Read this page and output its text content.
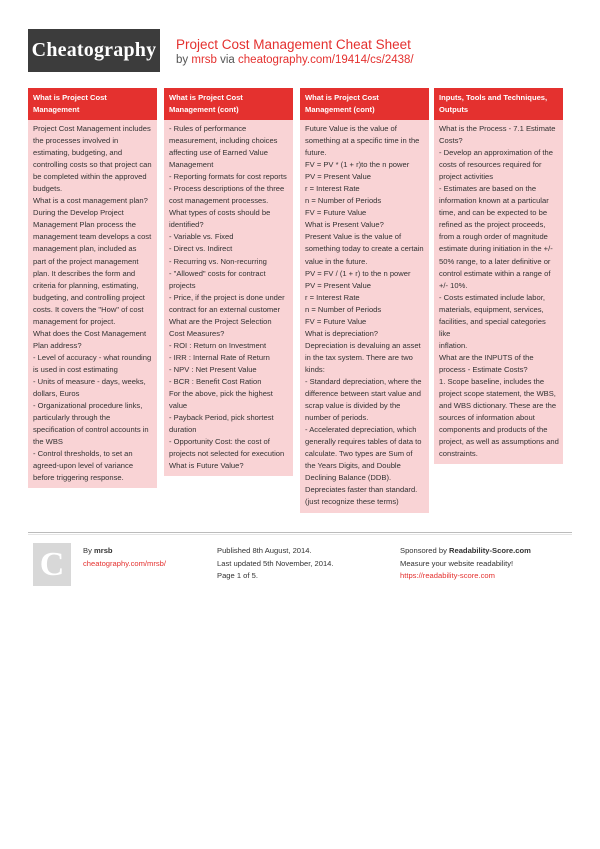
Cheatography Project Cost Management Cheat Sheet
by mrsb via cheatography.com/19414/cs/2438/
What is Project Cost Management
Project Cost Management includes
the processes involved in
estimating, budgeting, and
controlling costs so that project can
be completed within the approved
budgets.
What is a cost management plan?
During the Develop Project
Management Plan process the
management team develops a cost
management plan, included as
part of the project management
plan. It describes the form and
criteria for planning, estimating,
budgeting, and controlling project
costs. It covers the "How" of cost
management for project.
What does the Cost Management
Plan address?
- Level of accuracy - what rounding
is used in cost estimating
- Units of measure - days, weeks,
dollars, Euros
- Organizational procedure links,
particularly through the
specification of control accounts in
the WBS
- Control thresholds, to set an
agreed-upon level of variance
before triggering response.
What is Project Cost Management (cont)
- Rules of performance
measurement, including choices
affecting use of Earned Value
Management
- Reporting formats for cost reports
- Process descriptions of the three
cost management processes.
What types of costs should be
identified?
- Variable vs. Fixed
- Direct vs. Indirect
- Recurring vs. Non-recurring
- "Allowed" costs for contract
projects
- Price, if the project is done under
contract for an external customer
What are the Project Selection
Cost Measures?
- ROI : Return on Investment
- IRR : Internal Rate of Return
- NPV : Net Present Value
- BCR : Benefit Cost Ration
For the above, pick the highest
value
- Payback Period, pick shortest
duration
- Opportunity Cost: the cost of
projects not selected for execution
What is Future Value?
What is Project Cost Management (cont)
Future Value is the value of
something at a specific time in the
future.
FV = PV * (1 + r)to the n power
PV = Present Value
r = Interest Rate
n = Number of Periods
FV = Future Value
What is Present Value?
Present Value is the value of
something today to create a certain
value in the future.
PV = FV / (1 + r) to the n power
PV = Present Value
r = Interest Rate
n = Number of Periods
FV = Future Value
What is depreciation?
Depreciation is devaluing an asset
in the tax system. There are two
kinds:
- Standard depreciation, where the
difference between start value and
scrap value is divided by the
number of periods.
- Accelerated depreciation, which
generally requires tables of data to
calculate. Two types are Sum of
the Years Digits, and Double
Declining Balance (DDB).
Depreciates faster than standard.
(just recognize these terms)
Inputs, Tools and Techniques, Outputs
What is the Process - 7.1 Estimate
Costs?
- Develop an approximation of the
costs of resources required for
project activities
- Estimates are based on the
information known at a particular
time, and can be expected to be
refined as the project proceeds,
from a rough order of magnitude
estimate during initiation in the +/-
50% range, to a later definitive or
control estimate within a range of
+/- 10%.
- Costs estimated include labor,
materials, equipment, services,
facilities, and special categories like
inflation.
What are the INPUTS of the
process - Estimate Costs?
1. Scope baseline, includes the
project scope statement, the WBS,
and WBS dictionary. These are the
sources of information about
components and products of the
project, as well as assumptions and
constraints.
C	By mrsb
cheatography.com/mrsb/
Published 8th August, 2014.
Last updated 5th November, 2014.
Page 1 of 5.
Sponsored by Readability-Score.com
Measure your website readability!
https://readability-score.com
